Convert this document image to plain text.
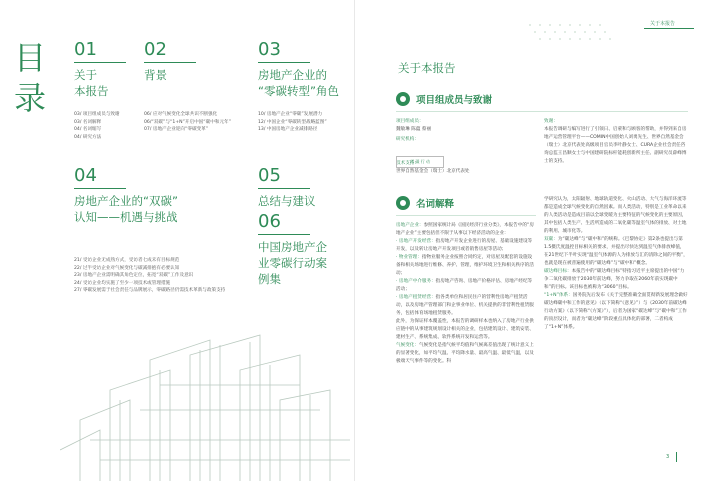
目录
01
关于
本报告
03/ 项目组成员与致谢
03/ 名词解释
04/ 名词缩写
04/ 研究方法
02
背景
06/ 应对气候变化全球共识不断强化
06/“双碳”与“1+N”开启中国“碳中和元年”
07/ 房地产企业迎向“零碳变革”
03
房地产企业的
“零碳转型”角色
10/ 房地产企业“零碳”发展潜力
12/ 中国企业“零碳转型战略蓝图”
13/ 中国房地产企业减排路径
04
房地产企业的“双碳”
认知——机遇与挑战
21/ 受访企业无成熟方式，受访者七成未有目标规范
22/ 过半受访企业对气候变化与碳减排抱有必要认知
23/ 房地产企业需明确其角色定位，拓宽“双碳”工作及意识
24/ 受访企业均实施了至少一项技术或管理措施
27/ 零碳发展需于社会责任与品牌展示，零碳路径仍需技术革新与政策支持
05
总结与建议
06
中国房地产企
业零碳行动案
例集
关于本报告
关于本报告
项目组成员与致谢

项目组成员：

魏敏琳 陈蕴 蔡丽

研究机构：

技术支持：

世界自然基金会（瑞士）北京代表处

零 碳 行 动

致谢：

本报告调研与编写进行了引领日、启蒙和与顾客的帮助，并得到来自房地产运营管理平台——COMIN中国创始人刘勇先生、世界自然基金会（瑞士）北京代表处高级项目官员李叶静女士、CURA企业社会责任咨询总监王昌顺女士与中国建研院标杆能耗创新所主任、副研究员薛峰博士的支持。

名词解释

房地产企业：参照国家统计局《国民经济行业分类》，本报告中的“房地产企业”主要包括但不限于从事以下经济活动的企业：

· 房地产开发经营：指房地产开发企业进行的房屋、基础设施建设等开发，以及转让房地产开发项目或者销售房屋等活动；

· 物业管理：指物业服务企业按照合同约定，对房屋及配套的设施设备和相关场地进行维修、养护、管理，维护环境卫生和相关秩序的活动；

· 房地产中介服务：指房地产咨询、房地产价格评估、房地产经纪等活动；

· 房地产租赁经营：指各类单位和居民住户的营利性房地产租赁活动，以及房地产管理部门和企事业单位、机关提供的非营利性租赁服务，包括体育场地租赁服务。

此外，为保证样本覆盖性，本报告的调研样本也纳入了房地产行业供应链中的从事建筑规划设计相关的企业，包括建筑设计、建筑安装、建材生产、系统集成、软件系统开发和运营等。

气候变化：气候变化是指气候平均值和气候离差值出现了统计意义上的显著变化，如平均气温、平均降水量、最高气温、最低气温，以及极端天气事件等的变化。科

学研究认为，太阳辐射、地球轨道变化、火山活动、大气与海洋环流等都是造成全球气候变化的自然因素。而人类活动，特别是工业革命以来的人类活动是造成目前以全球变暖为主要特征的气候变化的主要原因，其中包括人类生产、生活所造成的二氧化碳等温室气体的排放、对土地的利用、城市化等。

双碳：为“碳达峰”与“碳中和”的统称。《巴黎协定》第2条也提出与第1.5摄氏度温控目标相关的要求，并提出尽快达到温室气体排放峰值，在21世纪下半叶实现“温室气体源的人为排放与汇的清除之间的平衡”，也就是现在被普遍使用的“碳达峰”与“碳中和”概念。

碳达峰目标：本报告中的“碳达峰目标”特指习近平主席提出的中国“力争二氧化碳排放于2030年前达峰，努力争取在2060年前实现碳中和”的目标。该目标也被称为“3060”目标。

“1+N”体系：国务院先后发布《关于完整准确全面贯彻新发展理念做好碳达峰碳中和工作的意见》（以下简称“《意见》”）与《2030年前碳达峰行动方案》（以下简称“《方案》”），后者为国家“碳达峰”与“碳中和”工作的顶层设计，而者为“碳达峰”阶段重点具体化的部署，二者构成了“1+N”体系。

3
